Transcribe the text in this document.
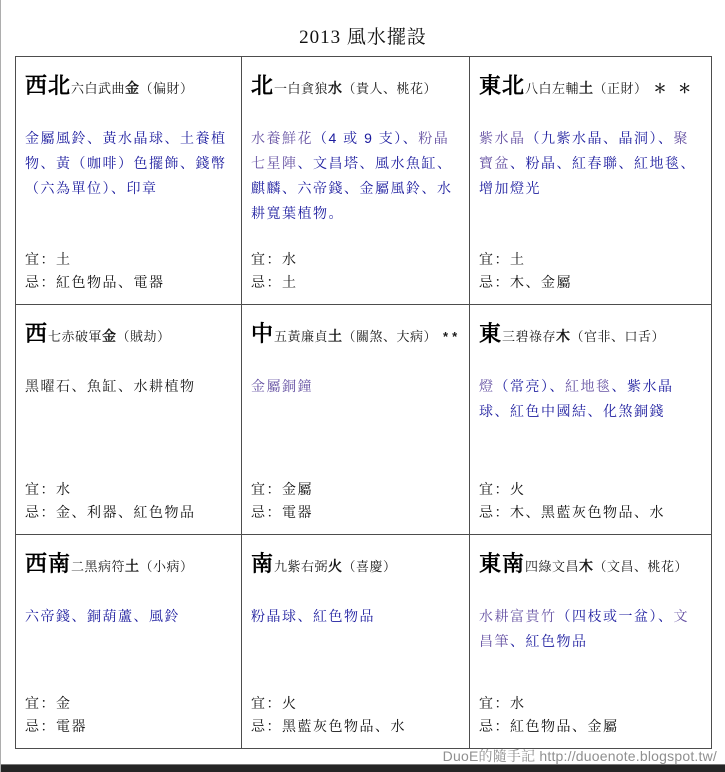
2013 風水擺設
西北六白武曲金（偏財）
金屬風鈴、黃水晶球、土養植物、黃（咖啡）色擺飾、錢幣（六為單位）、印章
宜：土
忌：紅色物品、電器

北一白貪狼水（貴人、桃花）
水養鮮花（4 或 9 支）、粉晶七星陣、文昌塔、風水魚缸、麒麟、六帝錢、金屬風鈴、水耕寬葉植物。
宜：水
忌：土

東北八白左輔土（正財） ＊ ＊
紫水晶（九紫水晶、晶洞）、聚寶盆、粉晶、紅春聯、紅地毯、增加燈光
宜：土
忌：木、金屬

西七赤破軍金（賊劫）
黑曜石、魚缸、水耕植物
宜：水
忌：金、利器、紅色物品

中五黃廉貞土（關煞、大病） **
金屬銅鐘
宜：金屬
忌：電器

東三碧祿存木（官非、口舌）
燈（常亮）、紅地毯、紫水晶球、紅色中國結、化煞銅錢
宜：火
忌：木、黑藍灰色物品、水

西南二黑病符土（小病）
六帝錢、銅葫蘆、風鈴
宜：金
忌：電器

南九紫右弼火（喜慶）
粉晶球、紅色物品
宜：火
忌：黑藍灰色物品、水

東南四綠文昌木（文昌、桃花）
水耕富貴竹（四枝或一盆）、文昌筆、紅色物品
宜：水
忌：紅色物品、金屬
DuoE的隨手記 http://duoenote.blogspot.tw/
